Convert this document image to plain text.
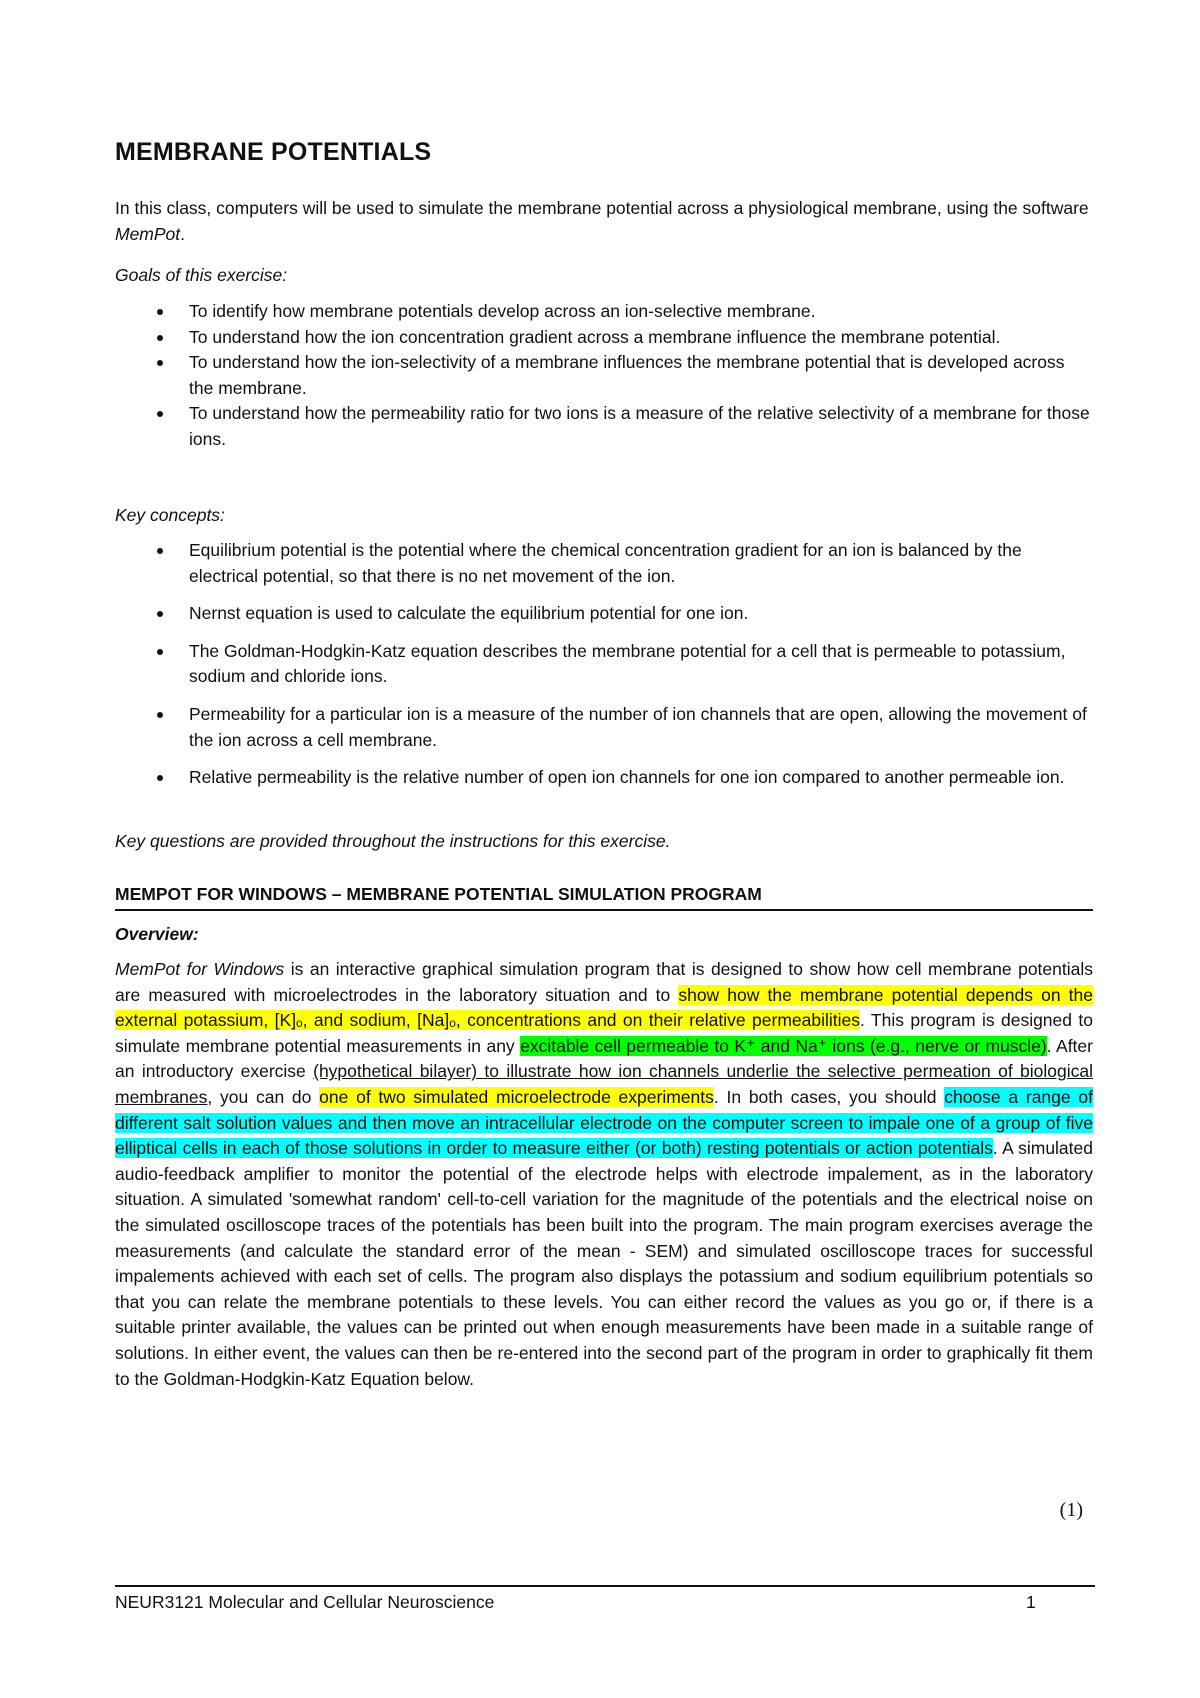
MEMBRANE POTENTIALS

In this class, computers will be used to simulate the membrane potential across a physiological membrane, using the software MemPot.

Goals of this exercise:

To identify how membrane potentials develop across an ion-selective membrane.
To understand how the ion concentration gradient across a membrane influence the membrane potential.
To understand how the ion-selectivity of a membrane influences the membrane potential that is developed across the membrane.
To understand how the permeability ratio for two ions is a measure of the relative selectivity of a membrane for those ions.

Key concepts:

Equilibrium potential is the potential where the chemical concentration gradient for an ion is balanced by the electrical potential, so that there is no net movement of the ion.
Nernst equation is used to calculate the equilibrium potential for one ion.
The Goldman-Hodgkin-Katz equation describes the membrane potential for a cell that is permeable to potassium, sodium and chloride ions.
Permeability for a particular ion is a measure of the number of ion channels that are open, allowing the movement of the ion across a cell membrane.
Relative permeability is the relative number of open ion channels for one ion compared to another permeable ion.

Key questions are provided throughout the instructions for this exercise.

MEMPOT FOR WINDOWS – MEMBRANE POTENTIAL SIMULATION PROGRAM

Overview:

MemPot for Windows is an interactive graphical simulation program that is designed to show how cell membrane potentials are measured with microelectrodes in the laboratory situation and to show how the membrane potential depends on the external potassium, [K]ₒ, and sodium, [Na]ₒ, concentrations and on their relative permeabilities. This program is designed to simulate membrane potential measurements in any excitable cell permeable to K⁺ and Na⁺ ions (e.g., nerve or muscle). After an introductory exercise (hypothetical bilayer) to illustrate how ion channels underlie the selective permeation of biological membranes, you can do one of two simulated microelectrode experiments. In both cases, you should choose a range of different salt solution values and then move an intracellular electrode on the computer screen to impale one of a group of five elliptical cells in each of those solutions in order to measure either (or both) resting potentials or action potentials. A simulated audio-feedback amplifier to monitor the potential of the electrode helps with electrode impalement, as in the laboratory situation. A simulated 'somewhat random' cell-to-cell variation for the magnitude of the potentials and the electrical noise on the simulated oscilloscope traces of the potentials has been built into the program. The main program exercises average the measurements (and calculate the standard error of the mean - SEM) and simulated oscilloscope traces for successful impalements achieved with each set of cells. The program also displays the potassium and sodium equilibrium potentials so that you can relate the membrane potentials to these levels. You can either record the values as you go or, if there is a suitable printer available, the values can be printed out when enough measurements have been made in a suitable range of solutions. In either event, the values can then be re-entered into the second part of the program in order to graphically fit them to the Goldman-Hodgkin-Katz Equation below.

(1)
NEUR3121 Molecular and Cellular Neuroscience	1
